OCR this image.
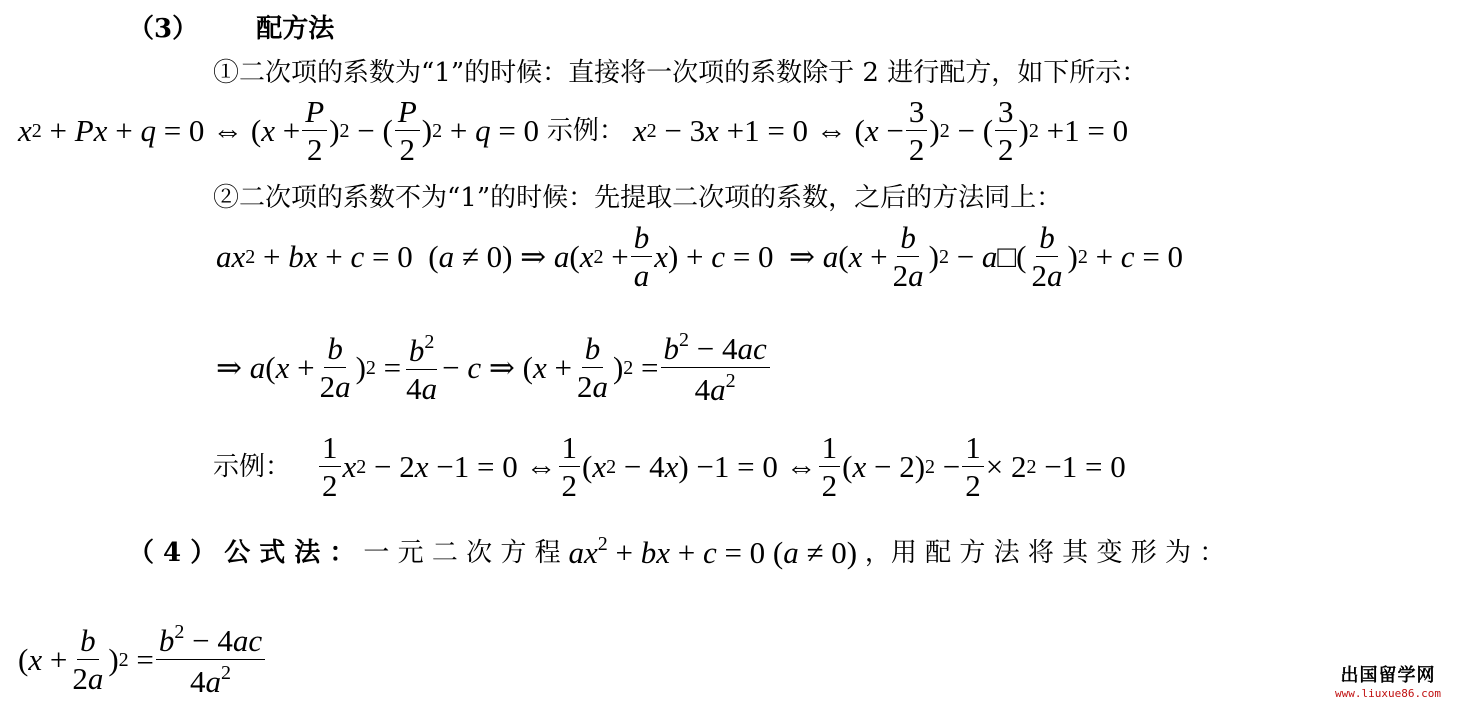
（3） 配方法
①二次项的系数为“1”的时候：直接将一次项的系数除于 2 进行配方，如下所示：
x 2 + Px + q = 0 ⇔ ( $x + \frac{P}{2}$ ) 2 − ( $\frac{P}{2}$ ) 2 + q = 0 示例： x 2 − 3 x +1 = 0 ⇔ ( $x - \frac{3}{2}$ ) 2 − ( $\frac{3}{2}$ ) 2 +1 = 0
②二次项的系数不为“1”的时候：先提取二次项的系数，之后的方法同上：
ax 2 + bx + c = 0  ( a ≠ 0) ⇒ a ( x $2 + \frac{b}{a}$ x ) + c = 0  ⇒ a ( $x + \frac{b}{2a}$ ) 2 − a □( $\frac{b}{2a}$ ) 2 + c = 0
⇒ a ( $x + \frac{b}{2a}$ ) $2 = \frac{b^2}{4a} - c$ ⇒ ( $x + \frac{b}{2a}$ ) $2 = \frac{b^2 - 4ac}{4a^2}$
示例： $\frac{1}{2}$ x 2 − 2 x −1 = 0 ⇔ $\frac{1}{2}$ ( x 2 − 4 x ) −1 = 0 ⇔ $\frac{1}{2}$ ( x − 2) $2 - \frac{1}{2} \times 2$ 2 −1 = 0
（ 4 ） 公 式 法 ： 一 元 二 次 方 程 $ax^2$ + bx + c = 0 (a ≠ 0) ，用 配 方 法 将 其 变 形 为 ：
( $x + \frac{b}{2a}$ ) $2 = \frac{b^2 - 4ac}{4a^2}$	出国留学网
www.liuxue86.com
